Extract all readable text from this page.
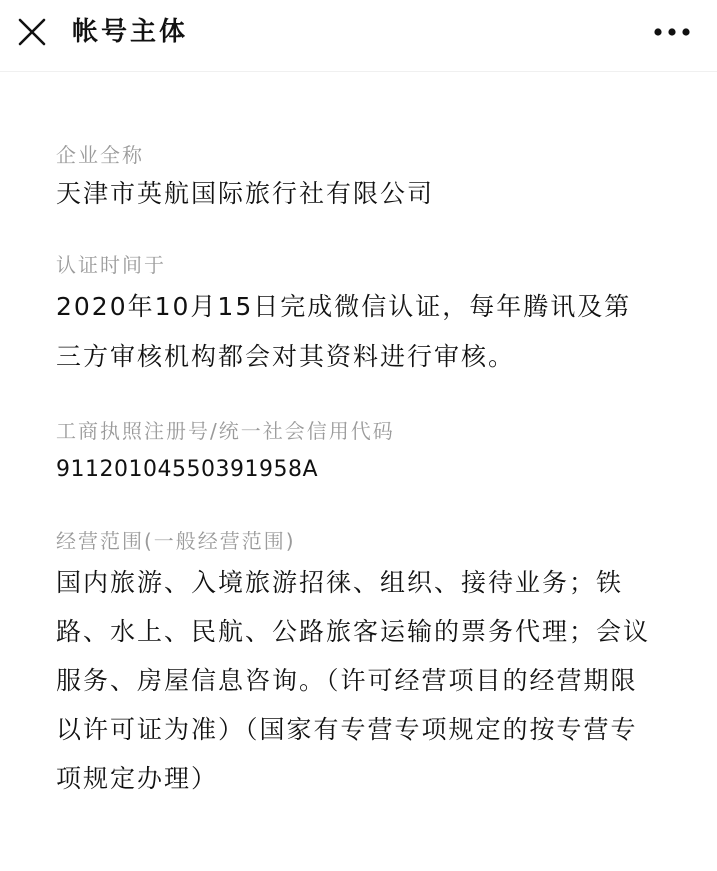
帐号主体

企业全称

天津市英航国际旅行社有限公司

认证时间于

2020年10月15日完成微信认证，每年腾讯及第三方审核机构都会对其资料进行审核。

工商执照注册号/统一社会信用代码

91120104550391958A

经营范围(一般经营范围)

国内旅游、入境旅游招徕、组织、接待业务；铁路、水上、民航、公路旅客运输的票务代理；会议服务、房屋信息咨询。（许可经营项目的经营期限以许可证为准）（国家有专营专项规定的按专营专项规定办理）
